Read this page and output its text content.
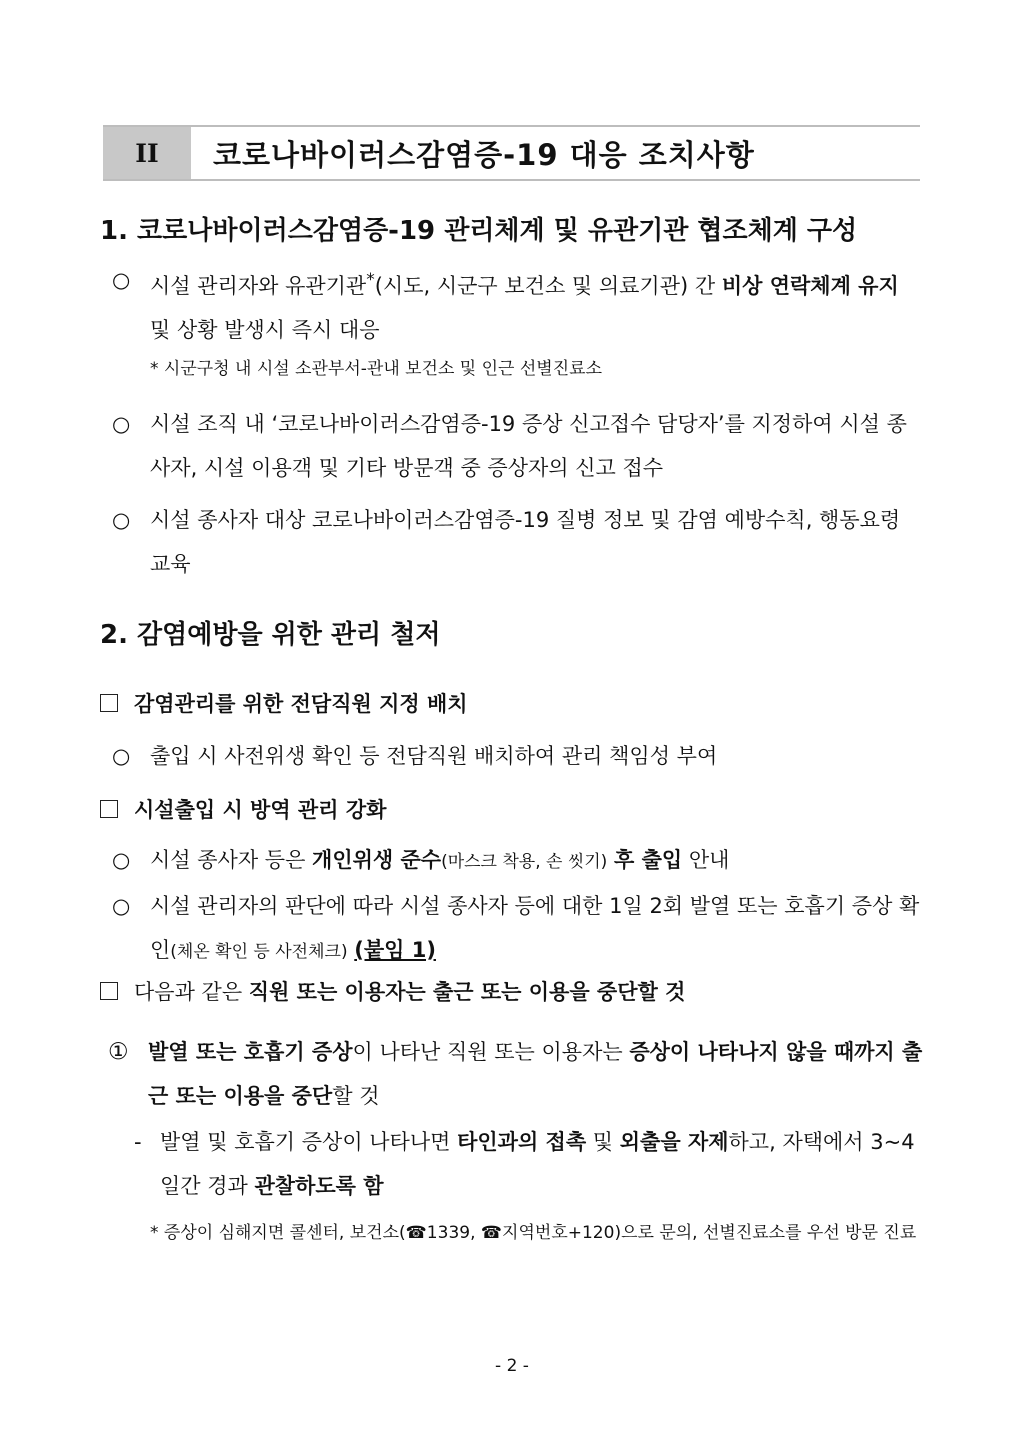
II	코로나바이러스감염증-19 대응 조치사항
1. 코로나바이러스감염증-19 관리체계 및 유관기관 협조체계 구성
○ 시설 관리자와 유관기관*(시도, 시군구 보건소 및 의료기관) 간 비상 연락체계 유지 및 상황 발생시 즉시 대응
* 시군구청 내 시설 소관부서-관내 보건소 및 인근 선별진료소
○ 시설 조직 내 ‘코로나바이러스감염증-19 증상 신고접수 담당자’를 지정하여 시설 종사자, 시설 이용객 및 기타 방문객 중 증상자의 신고 접수
○ 시설 종사자 대상 코로나바이러스감염증-19 질병 정보 및 감염 예방수칙, 행동요령 교육
2. 감염예방을 위한 관리 철저
감염관리를 위한 전담직원 지정 배치
○ 출입 시 사전위생 확인 등 전담직원 배치하여 관리 책임성 부여
시설출입 시 방역 관리 강화
○ 시설 종사자 등은 개인위생 준수(마스크 착용, 손 씻기) 후 출입 안내
○ 시설 관리자의 판단에 따라 시설 종사자 등에 대한 1일 2회 발열 또는 호흡기 증상 확인(체온 확인 등 사전체크) (붙임 1)
다음과 같은 직원 또는 이용자는 출근 또는 이용을 중단할 것
① 발열 또는 호흡기 증상이 나타난 직원 또는 이용자는 증상이 나타나지 않을 때까지 출근 또는 이용을 중단할 것
- 발열 및 호흡기 증상이 나타나면 타인과의 접촉 및 외출을 자제하고, 자택에서 3~4일간 경과 관찰하도록 함
* 증상이 심해지면 콜센터, 보건소(☎1339, ☎지역번호+120)으로 문의, 선별진료소를 우선 방문 진료
- 2 -
